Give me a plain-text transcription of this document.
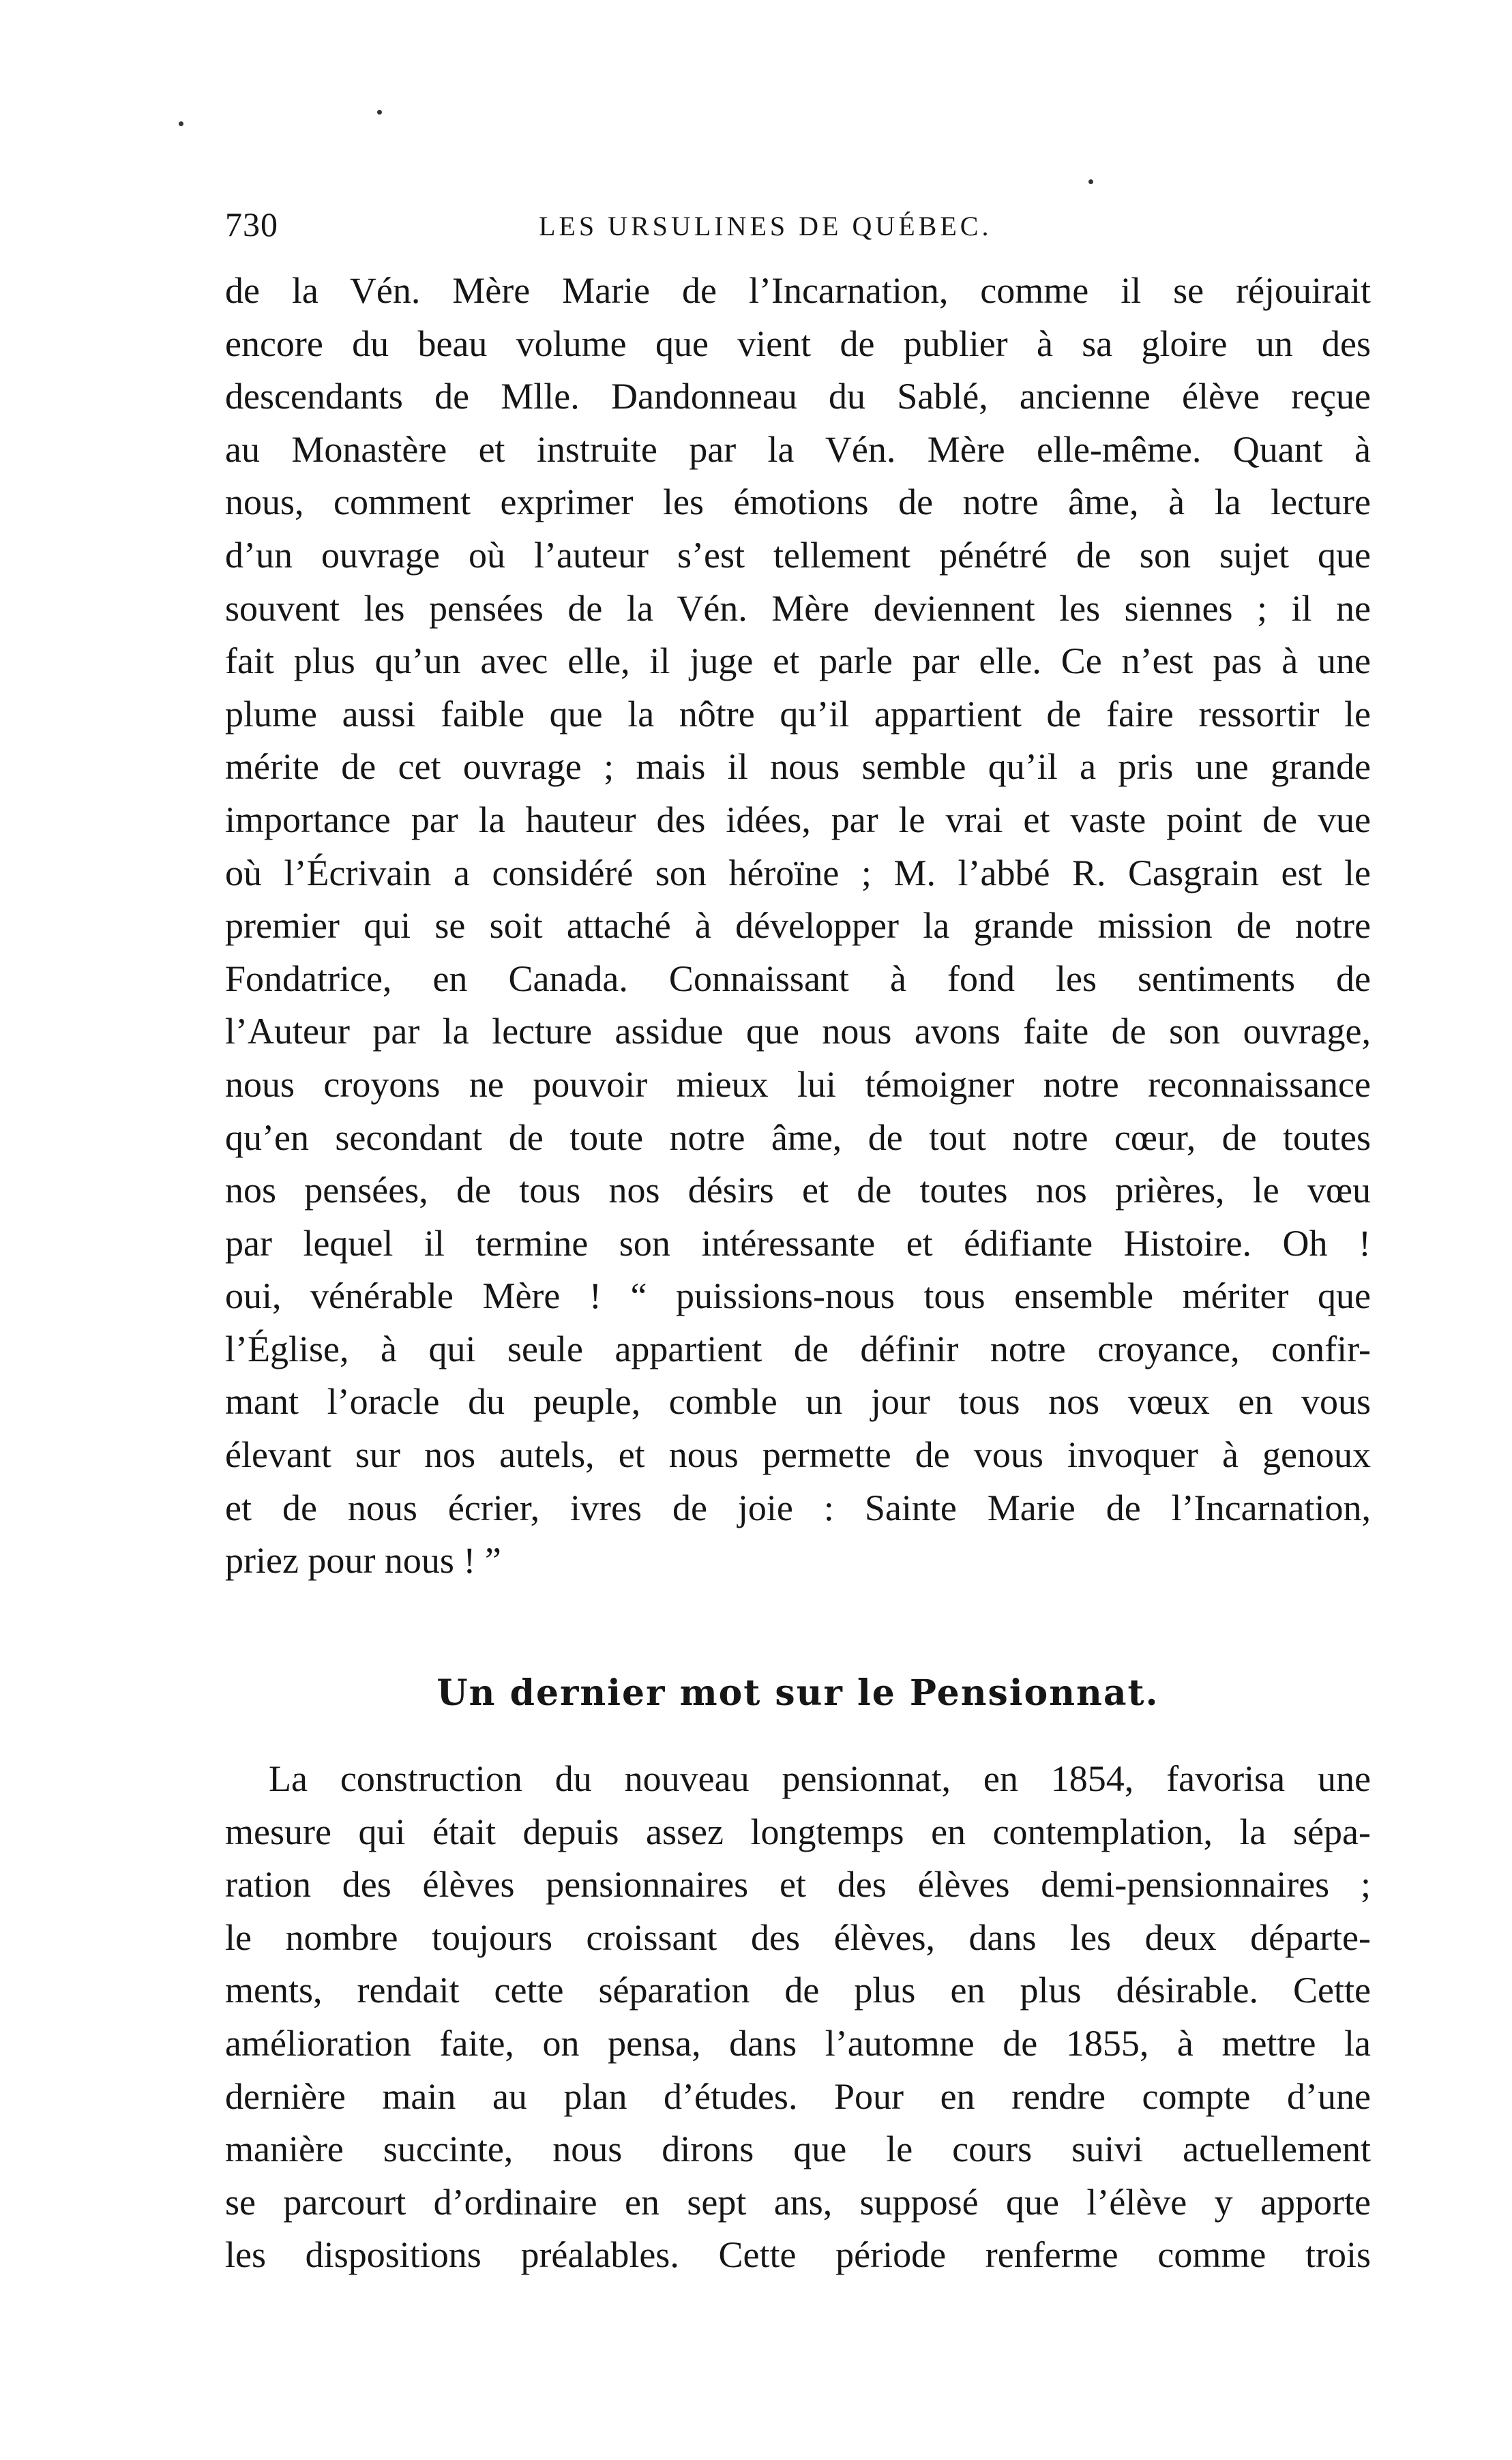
730	LES URSULINES DE QUÉBEC.
de la Vén. Mère Marie de l’Incarnation, comme il se réjouirait
encore du beau volume que vient de publier à sa gloire un des
descendants de Mlle. Dandonneau du Sablé, ancienne élève reçue
au Monastère et instruite par la Vén. Mère elle-même. Quant à
nous, comment exprimer les émotions de notre âme, à la lecture
d’un ouvrage où l’auteur s’est tellement pénétré de son sujet que
souvent les pensées de la Vén. Mère deviennent les siennes ; il ne
fait plus qu’un avec elle, il juge et parle par elle. Ce n’est pas à une
plume aussi faible que la nôtre qu’il appartient de faire ressortir le
mérite de cet ouvrage ; mais il nous semble qu’il a pris une grande
importance par la hauteur des idées, par le vrai et vaste point de vue
où l’Écrivain a considéré son héroïne ; M. l’abbé R. Casgrain est le
premier qui se soit attaché à développer la grande mission de notre
Fondatrice, en Canada. Connaissant à fond les sentiments de
l’Auteur par la lecture assidue que nous avons faite de son ouvrage,
nous croyons ne pouvoir mieux lui témoigner notre reconnaissance
qu’en secondant de toute notre âme, de tout notre cœur, de toutes
nos pensées, de tous nos désirs et de toutes nos prières, le vœu
par lequel il termine son intéressante et édifiante Histoire. Oh !
oui, vénérable Mère ! “ puissions-nous tous ensemble mériter que
l’Église, à qui seule appartient de définir notre croyance, confir-
mant l’oracle du peuple, comble un jour tous nos vœux en vous
élevant sur nos autels, et nous permette de vous invoquer à genoux
et de nous écrier, ivres de joie : Sainte Marie de l’Incarnation,
priez pour nous ! ”
Un dernier mot sur le Pensionnat.
La construction du nouveau pensionnat, en 1854, favorisa une
mesure qui était depuis assez longtemps en contemplation, la sépa-
ration des élèves pensionnaires et des élèves demi-pensionnaires ;
le nombre toujours croissant des élèves, dans les deux départe-
ments, rendait cette séparation de plus en plus désirable. Cette
amélioration faite, on pensa, dans l’automne de 1855, à mettre la
dernière main au plan d’études. Pour en rendre compte d’une
manière succinte, nous dirons que le cours suivi actuellement
se parcourt d’ordinaire en sept ans, supposé que l’élève y apporte
les dispositions préalables. Cette période renferme comme trois
